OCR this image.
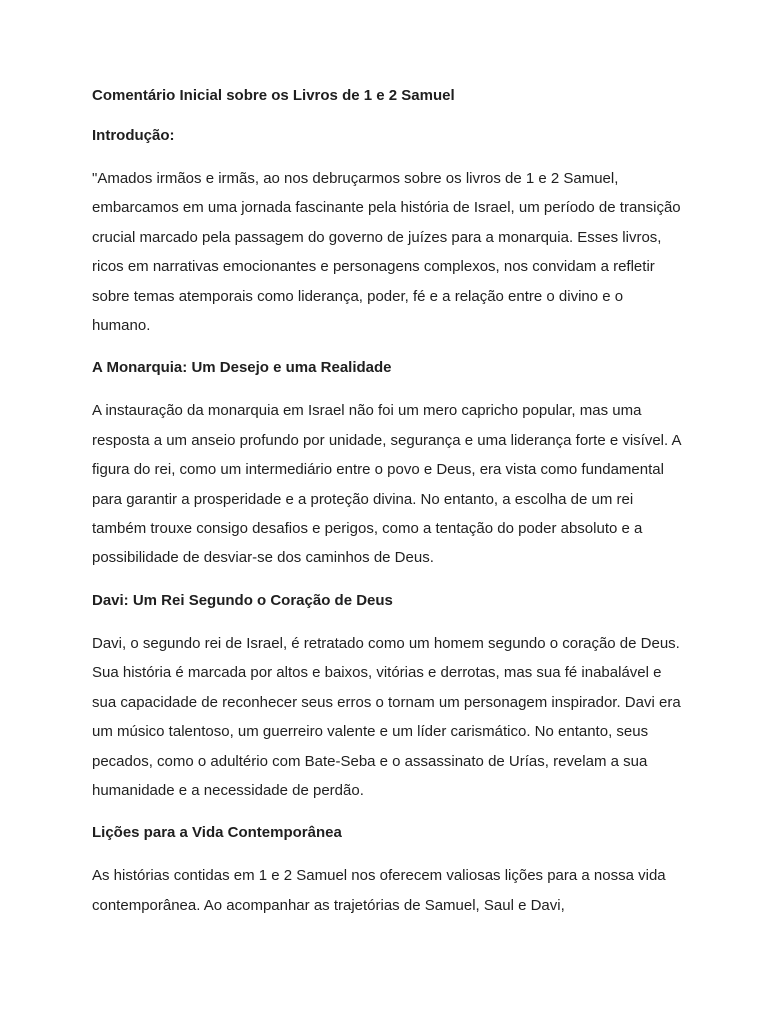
Comentário Inicial sobre os Livros de 1 e 2 Samuel
Introdução:
"Amados irmãos e irmãs, ao nos debruçarmos sobre os livros de 1 e 2 Samuel, embarcamos em uma jornada fascinante pela história de Israel, um período de transição crucial marcado pela passagem do governo de juízes para a monarquia. Esses livros, ricos em narrativas emocionantes e personagens complexos, nos convidam a refletir sobre temas atemporais como liderança, poder, fé e a relação entre o divino e o humano.
A Monarquia: Um Desejo e uma Realidade
A instauração da monarquia em Israel não foi um mero capricho popular, mas uma resposta a um anseio profundo por unidade, segurança e uma liderança forte e visível. A figura do rei, como um intermediário entre o povo e Deus, era vista como fundamental para garantir a prosperidade e a proteção divina. No entanto, a escolha de um rei também trouxe consigo desafios e perigos, como a tentação do poder absoluto e a possibilidade de desviar-se dos caminhos de Deus.
Davi: Um Rei Segundo o Coração de Deus
Davi, o segundo rei de Israel, é retratado como um homem segundo o coração de Deus. Sua história é marcada por altos e baixos, vitórias e derrotas, mas sua fé inabalável e sua capacidade de reconhecer seus erros o tornam um personagem inspirador. Davi era um músico talentoso, um guerreiro valente e um líder carismático. No entanto, seus pecados, como o adultério com Bate-Seba e o assassinato de Urías, revelam a sua humanidade e a necessidade de perdão.
Lições para a Vida Contemporânea
As histórias contidas em 1 e 2 Samuel nos oferecem valiosas lições para a nossa vida contemporânea. Ao acompanhar as trajetórias de Samuel, Saul e Davi,
